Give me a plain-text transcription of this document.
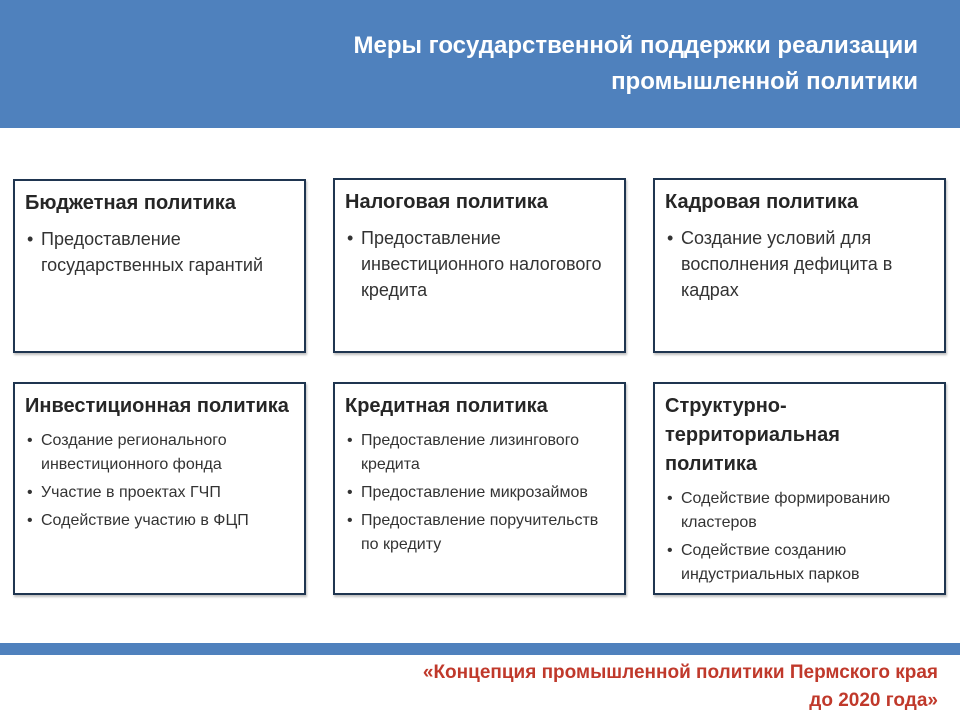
Меры государственной поддержки реализации
промышленной политики
Бюджетная политика
• Предоставление государственных гарантий
Налоговая политика
• Предоставление инвестиционного налогового кредита
Кадровая политика
• Создание условий для восполнения дефицита в кадрах
Инвестиционная политика
• Создание регионального инвестиционного фонда
• Участие в проектах ГЧП
• Содействие участию в ФЦП
Кредитная политика
• Предоставление лизингового кредита
• Предоставление микрозаймов
• Предоставление поручительств по кредиту
Структурно-территориальная политика
• Содействие формированию кластеров
• Содействие созданию индустриальных парков
«Концепция промышленной политики Пермского края
до 2020 года»
